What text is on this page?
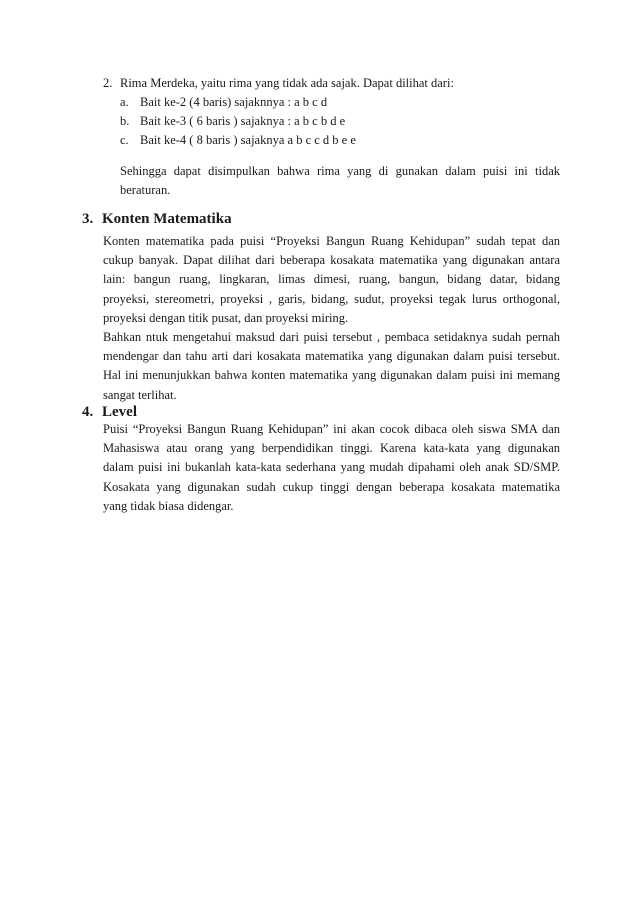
2. Rima Merdeka, yaitu rima yang tidak ada sajak. Dapat dilihat dari:
a. Bait ke-2 (4 baris) sajaknnya : a b c d
b. Bait ke-3 ( 6 baris ) sajaknya : a b c b d e
c. Bait ke-4 ( 8 baris ) sajaknya a b c c d b e e
Sehingga dapat disimpulkan bahwa rima yang di gunakan dalam puisi ini tidak
beraturan.
3. Konten Matematika
Konten matematika pada puisi “Proyeksi Bangun Ruang Kehidupan” sudah tepat dan
cukup banyak. Dapat dilihat dari beberapa kosakata matematika yang digunakan antara
lain: bangun ruang, lingkaran, limas dimesi, ruang, bangun, bidang datar, bidang
proyeksi, stereometri, proyeksi , garis, bidang, sudut, proyeksi tegak lurus orthogonal,
proyeksi dengan titik pusat, dan proyeksi miring.
Bahkan ntuk mengetahui maksud dari puisi tersebut , pembaca setidaknya sudah pernah
mendengar dan tahu arti dari kosakata matematika yang digunakan dalam puisi tersebut.
Hal ini menunjukkan bahwa konten matematika yang digunakan dalam puisi ini memang
sangat terlihat.
4. Level
Puisi “Proyeksi Bangun Ruang Kehidupan” ini akan cocok dibaca oleh siswa SMA dan
Mahasiswa atau orang yang berpendidikan tinggi. Karena kata-kata yang digunakan
dalam puisi ini bukanlah kata-kata sederhana yang mudah dipahami oleh anak SD/SMP.
Kosakata yang digunakan sudah cukup tinggi dengan beberapa kosakata matematika
yang tidak biasa didengar.
